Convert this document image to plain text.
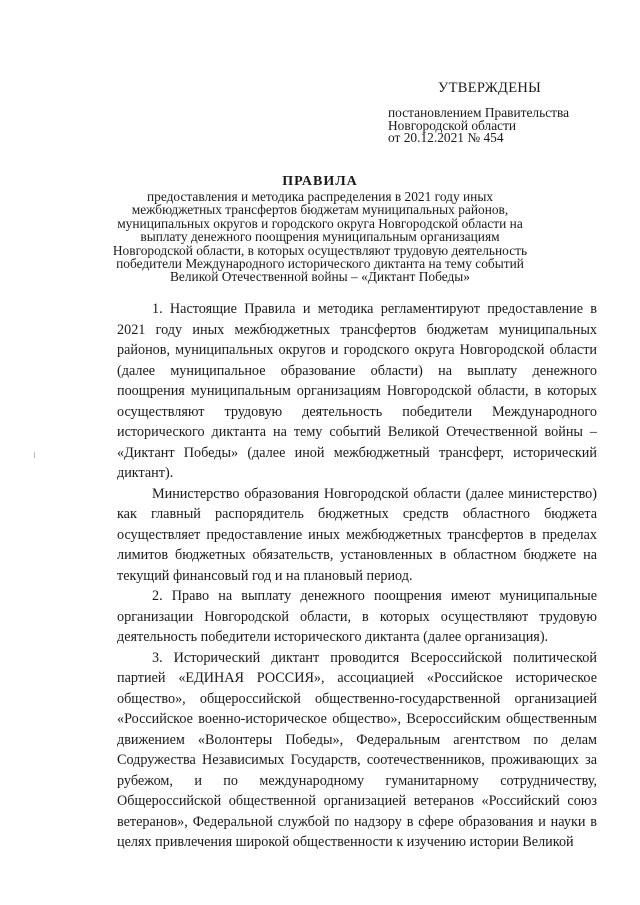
УТВЕРЖДЕНЫ
постановлением Правительства
Новгородской области
от 20.12.2021 № 454
ПРАВИЛА
предоставления и методика распределения в 2021 году иных межбюджетных трансфертов бюджетам муниципальных районов, муниципальных округов и городского округа Новгородской области на выплату денежного поощрения муниципальным организациям Новгородской области, в которых осуществляют трудовую деятельность победители Международного исторического диктанта на тему событий Великой Отечественной войны – «Диктант Победы»

1. Настоящие Правила и методика регламентируют предоставление в 2021 году иных межбюджетных трансфертов бюджетам муниципальных районов, муниципальных округов и городского округа Новгородской области (далее муниципальное образование области) на выплату денежного поощрения муниципальным организациям Новгородской области, в которых осуществляют трудовую деятельность победители Международного исторического диктанта на тему событий Великой Отечественной войны – «Диктант Победы» (далее иной межбюджетный трансферт, исторический диктант).

Министерство образования Новгородской области (далее министерство) как главный распорядитель бюджетных средств областного бюджета осуществляет предоставление иных межбюджетных трансфертов в пределах лимитов бюджетных обязательств, установленных в областном бюджете на текущий финансовый год и на плановый период.

2. Право на выплату денежного поощрения имеют муниципальные организации Новгородской области, в которых осуществляют трудовую деятельность победители исторического диктанта (далее организация).

3. Исторический диктант проводится Всероссийской политической партией «ЕДИНАЯ РОССИЯ», ассоциацией «Российское историческое общество», общероссийской общественно-государственной организацией «Российское военно-историческое общество», Всероссийским общественным движением «Волонтеры Победы», Федеральным агентством по делам Содружества Независимых Государств, соотечественников, проживающих за рубежом, и по международному гуманитарному сотрудничеству, Общероссийской общественной организацией ветеранов «Российский союз ветеранов», Федеральной службой по надзору в сфере образования и науки в целях привлечения широкой общественности к изучению истории Великой
